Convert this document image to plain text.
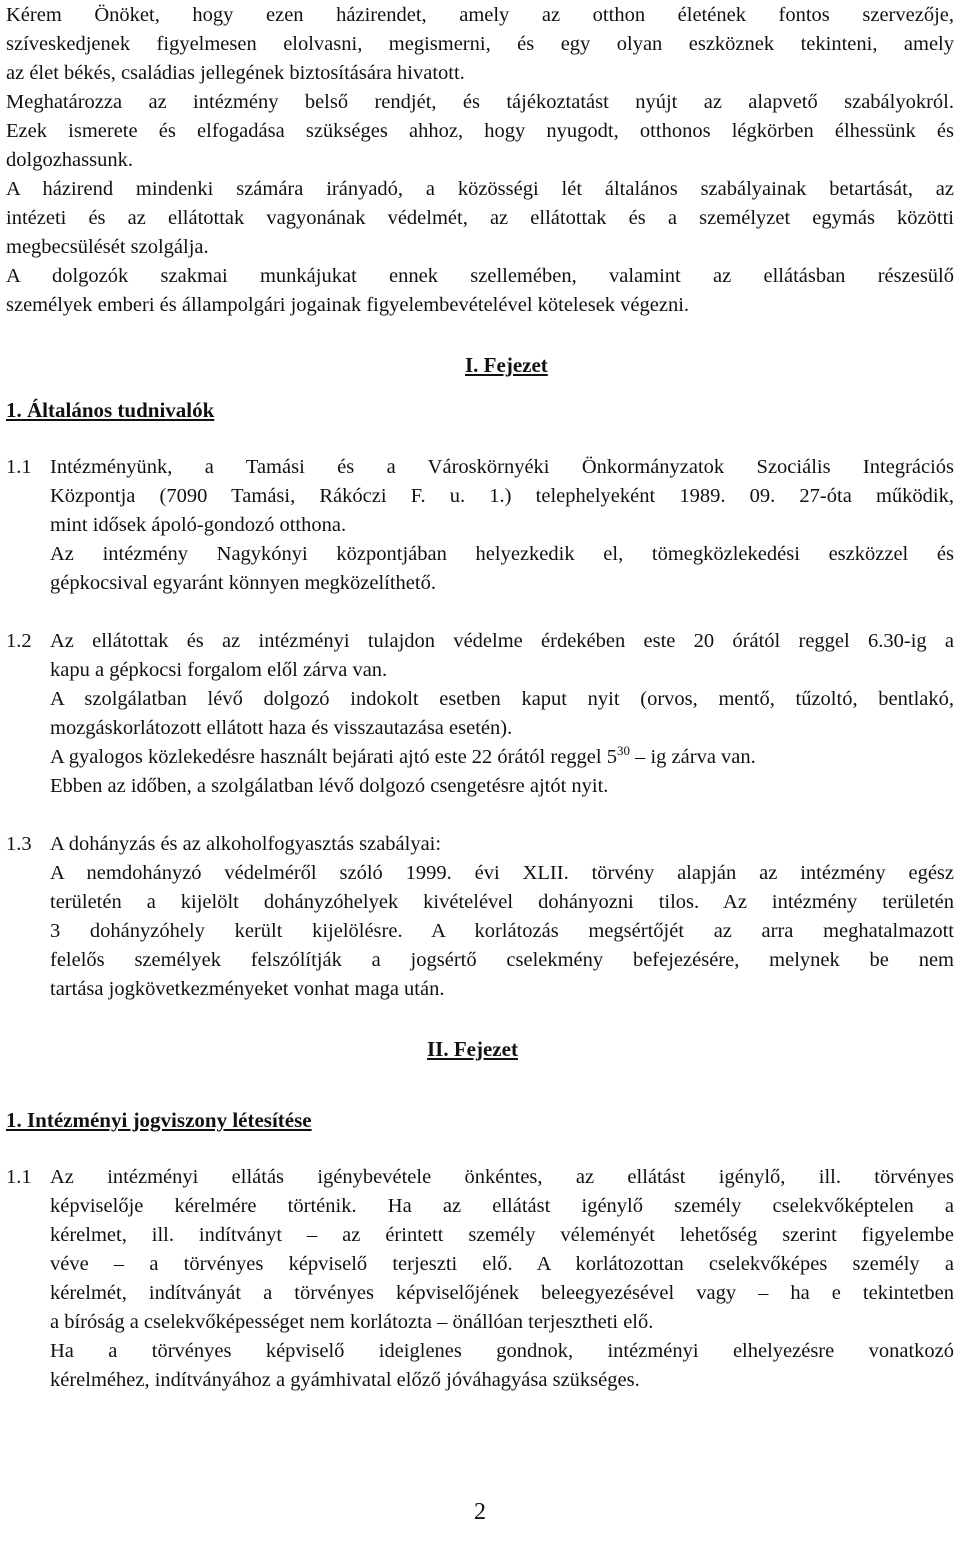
Kérem Önöket, hogy ezen házirendet, amely az otthon életének fontos szervezője,
szíveskedjenek figyelmesen elolvasni, megismerni, és egy olyan eszköznek tekinteni, amely
az élet békés, családias jellegének biztosítására hivatott.
Meghatározza az intézmény belső rendjét, és tájékoztatást nyújt az alapvető szabályokról.
Ezek ismerete és elfogadása szükséges ahhoz, hogy nyugodt, otthonos légkörben élhessünk és
dolgozhassunk.
A házirend mindenki számára irányadó, a közösségi lét általános szabályainak betartását, az
intézeti és az ellátottak vagyonának védelmét, az ellátottak és a személyzet egymás közötti
megbecsülését szolgálja.
A dolgozók szakmai munkájukat ennek szellemében, valamint az ellátásban részesülő
személyek emberi és állampolgári jogainak figyelembevételével kötelesek végezni.
I. Fejezet
1. Általános tudnivalók
1.1 Intézményünk, a Tamási és a Városkörnyéki Önkormányzatok Szociális Integrációs
Központja (7090 Tamási, Rákóczi F. u. 1.) telephelyeként 1989. 09. 27-óta működik,
mint idősek ápoló-gondozó otthona.
Az intézmény Nagykónyi központjában helyezkedik el, tömegközlekedési eszközzel és
gépkocsival egyaránt könnyen megközelíthető.
1.2 Az ellátottak és az intézményi tulajdon védelme érdekében este 20 órától reggel 6.30-ig a
kapu a gépkocsi forgalom elől zárva van.
A szolgálatban lévő dolgozó indokolt esetben kaput nyit (orvos, mentő, tűzoltó, bentlakó,
mozgáskorlátozott ellátott haza és visszautazása esetén).
A gyalogos közlekedésre használt bejárati ajtó este 22 órától reggel $5^{30}$ – ig zárva van.
Ebben az időben, a szolgálatban lévő dolgozó csengetésre ajtót nyit.
1.3 A dohányzás és az alkoholfogyasztás szabályai:
A nemdohányzó védelméről szóló 1999. évi XLII. törvény alapján az intézmény egész
területén a kijelölt dohányzóhelyek kivételével dohányozni tilos. Az intézmény területén
3 dohányzóhely került kijelölésre. A korlátozás megsértőjét az arra meghatalmazott
felelős személyek felszólítják a jogsértő cselekmény befejezésére, melynek be nem
tartása jogkövetkezményeket vonhat maga után.
II. Fejezet
1. Intézményi jogviszony létesítése
1.1 Az intézményi ellátás igénybevétele önkéntes, az ellátást igénylő, ill. törvényes
képviselője kérelmére történik. Ha az ellátást igénylő személy cselekvőképtelen a
kérelmet, ill. indítványt – az érintett személy véleményét lehetőség szerint figyelembe
véve – a törvényes képviselő terjeszti elő. A korlátozottan cselekvőképes személy a
kérelmét, indítványát a törvényes képviselőjének beleegyezésével vagy – ha e tekintetben
a bíróság a cselekvőképességet nem korlátozta – önállóan terjesztheti elő.
Ha a törvényes képviselő ideiglenes gondnok, intézményi elhelyezésre vonatkozó
kérelméhez, indítványához a gyámhivatal előző jóváhagyása szükséges.
2
